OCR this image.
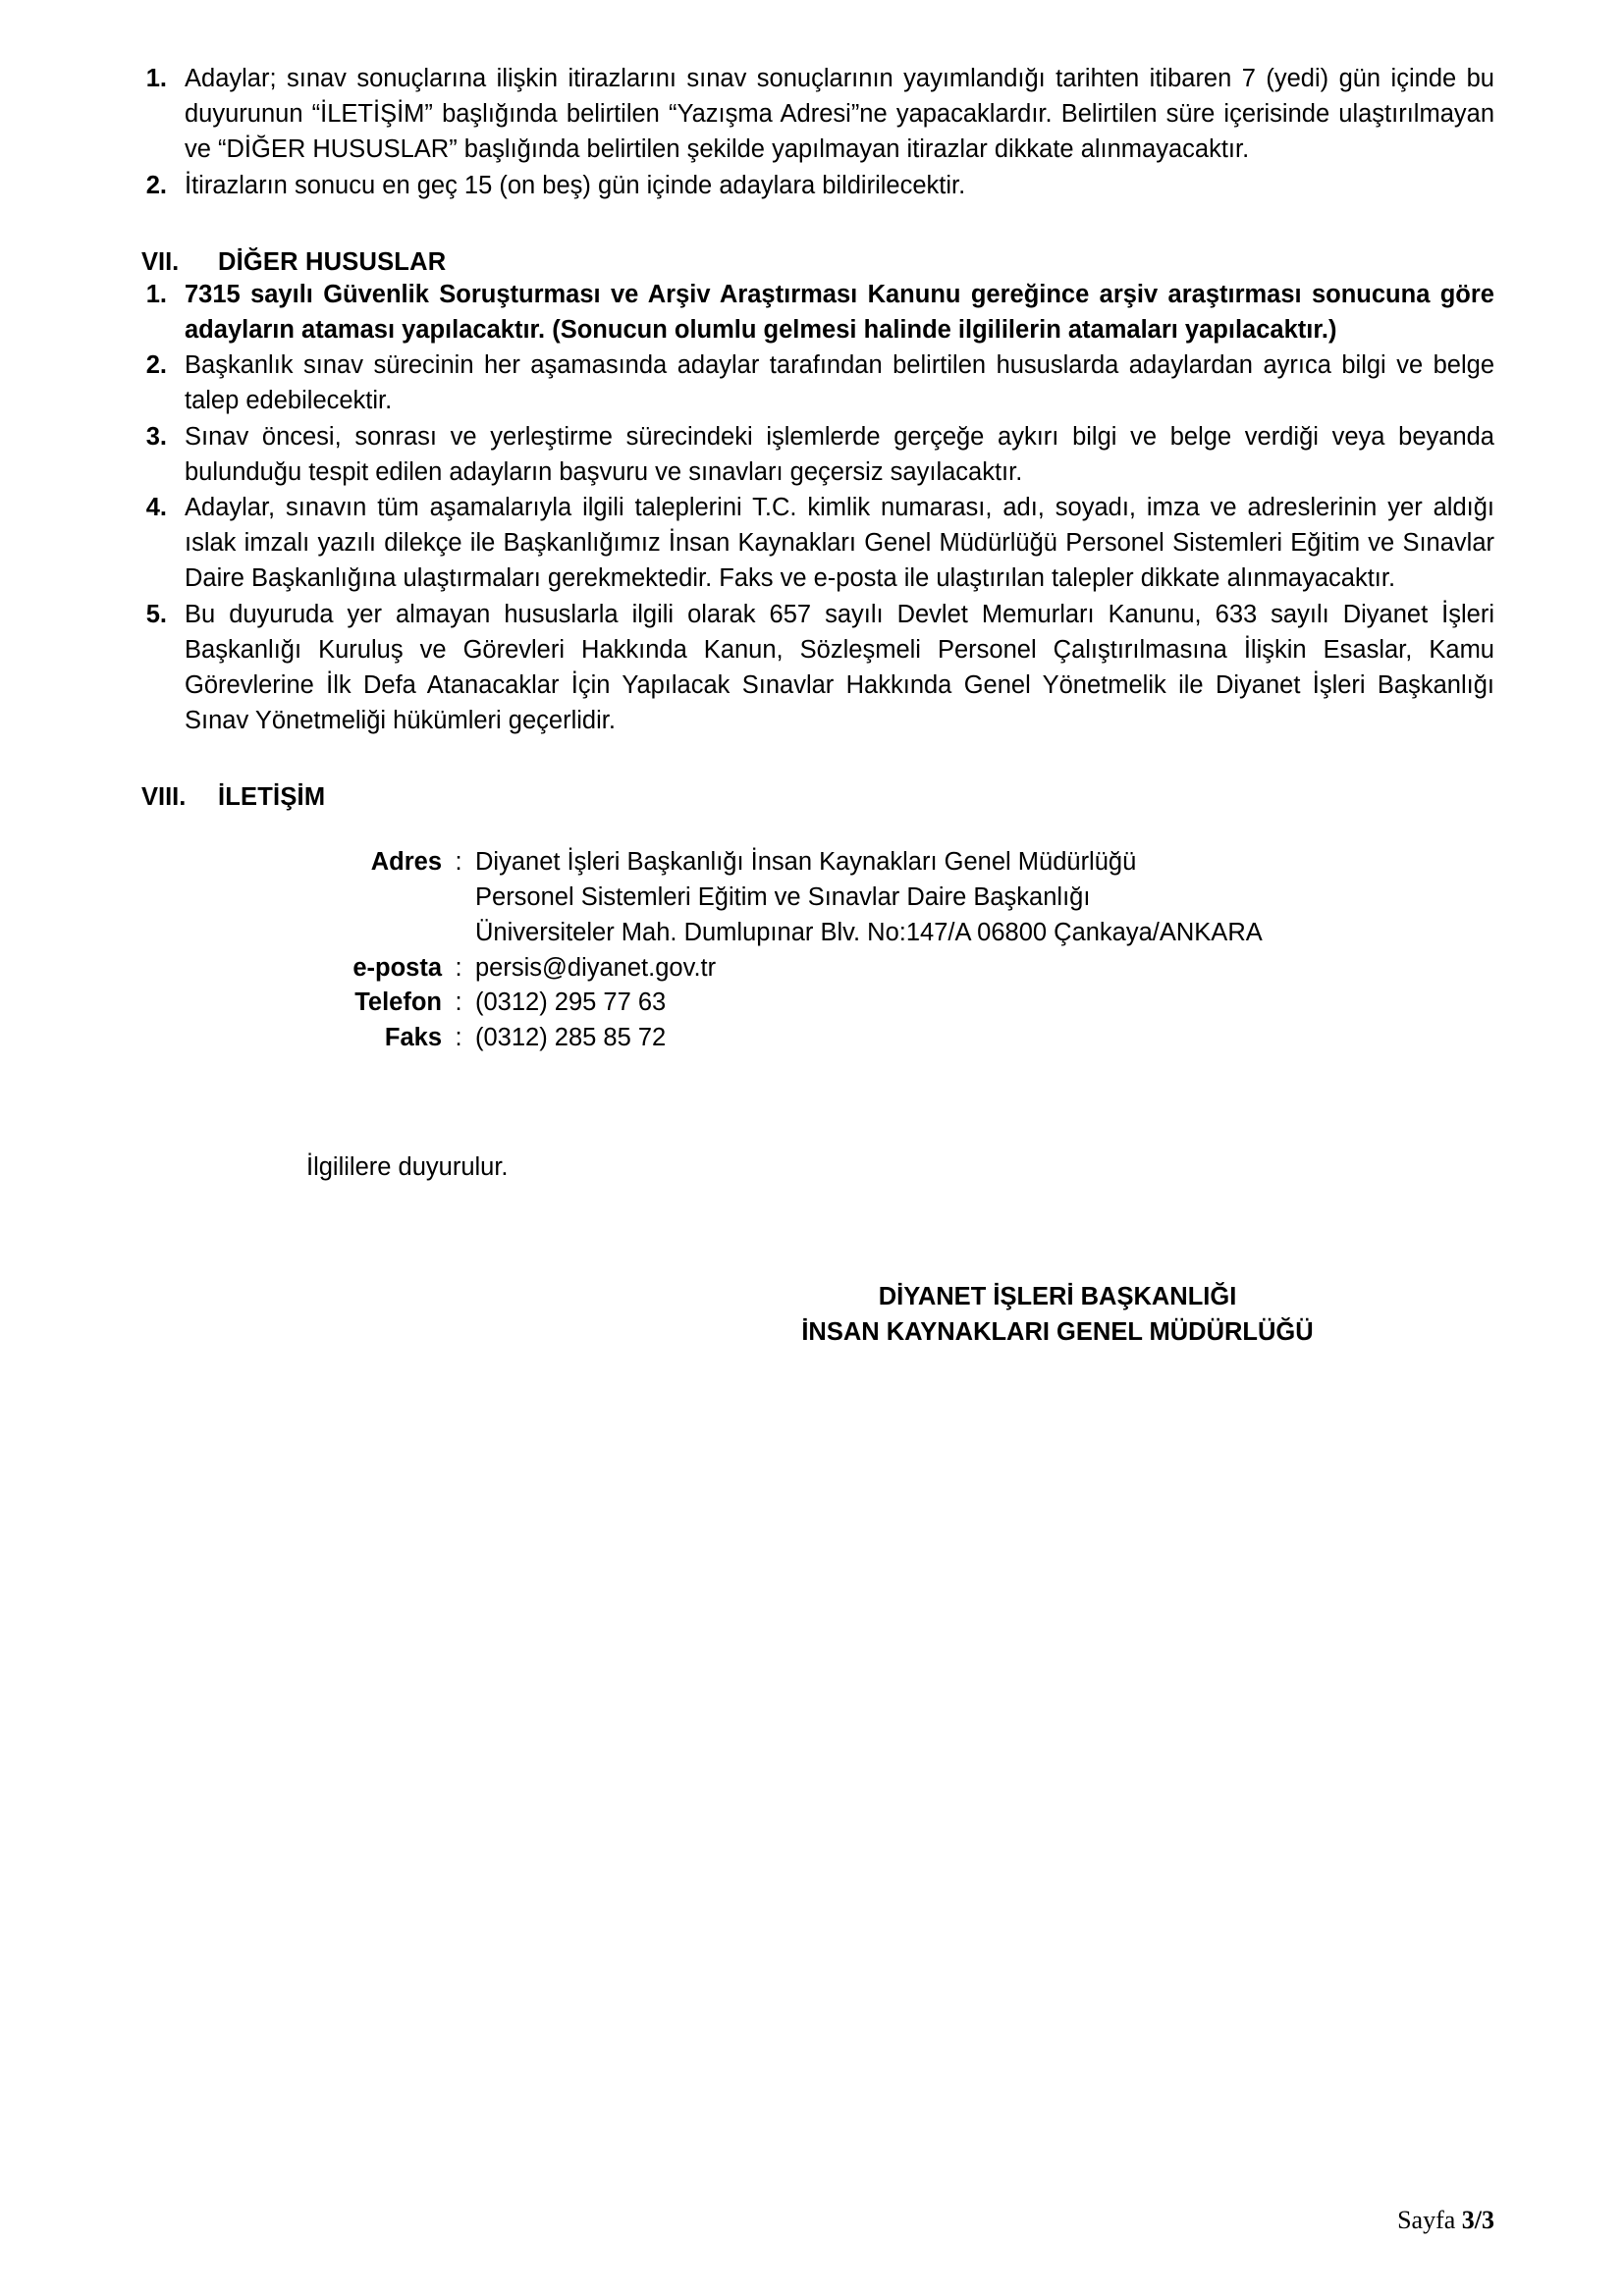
1. Adaylar; sınav sonuçlarına ilişkin itirazlarını sınav sonuçlarının yayımlandığı tarihten itibaren 7 (yedi) gün içinde bu duyurunun “İLETİŞİM” başlığında belirtilen “Yazışma Adresi”ne yapacaklardır. Belirtilen süre içerisinde ulaştırılmayan ve “DİĞER HUSUSLAR” başlığında belirtilen şekilde yapılmayan itirazlar dikkate alınmayacaktır.
2. İtirazların sonucu en geç 15 (on beş) gün içinde adaylara bildirilecektir.
VII.	DİĞER HUSUSLAR
1. 7315 sayılı Güvenlik Soruşturması ve Arşiv Araştırması Kanunu gereğince arşiv araştırması sonucuna göre adayların ataması yapılacaktır. (Sonucun olumlu gelmesi halinde ilgililerin atamaları yapılacaktır.)
2. Başkanlık sınav sürecinin her aşamasında adaylar tarafından belirtilen hususlarda adaylardan ayrıca bilgi ve belge talep edebilecektir.
3. Sınav öncesi, sonrası ve yerleştirme sürecindeki işlemlerde gerçeğe aykırı bilgi ve belge verdiği veya beyanda bulunduğu tespit edilen adayların başvuru ve sınavları geçersiz sayılacaktır.
4. Adaylar, sınavın tüm aşamalarıyla ilgili taleplerini T.C. kimlik numarası, adı, soyadı, imza ve adreslerinin yer aldığı ıslak imzalı yazılı dilekçe ile Başkanlığımız İnsan Kaynakları Genel Müdürlüğü Personel Sistemleri Eğitim ve Sınavlar Daire Başkanlığına ulaştırmaları gerekmektedir. Faks ve e-posta ile ulaştırılan talepler dikkate alınmayacaktır.
5. Bu duyuruda yer almayan hususlarla ilgili olarak 657 sayılı Devlet Memurları Kanunu, 633 sayılı Diyanet İşleri Başkanlığı Kuruluş ve Görevleri Hakkında Kanun, Sözleşmeli Personel Çalıştırılmasına İlişkin Esaslar, Kamu Görevlerine İlk Defa Atanacaklar İçin Yapılacak Sınavlar Hakkında Genel Yönetmelik ile Diyanet İşleri Başkanlığı Sınav Yönetmeliği hükümleri geçerlidir.
VIII.	İLETİŞİM
Adres : Diyanet İşleri Başkanlığı İnsan Kaynakları Genel Müdürlüğü
Personel Sistemleri Eğitim ve Sınavlar Daire Başkanlığı
Üniversiteler Mah. Dumlupınar Blv. No:147/A 06800 Çankaya/ANKARA
e-posta : persis@diyanet.gov.tr
Telefon : (0312) 295 77 63
Faks : (0312) 285 85 72
İlgililere duyurulur.
DİYANET İŞLERİ BAŞKANLIĞI
İNSAN KAYNAKLARI GENEL MÜDÜRLÜĞÜ
Sayfa 3/3
